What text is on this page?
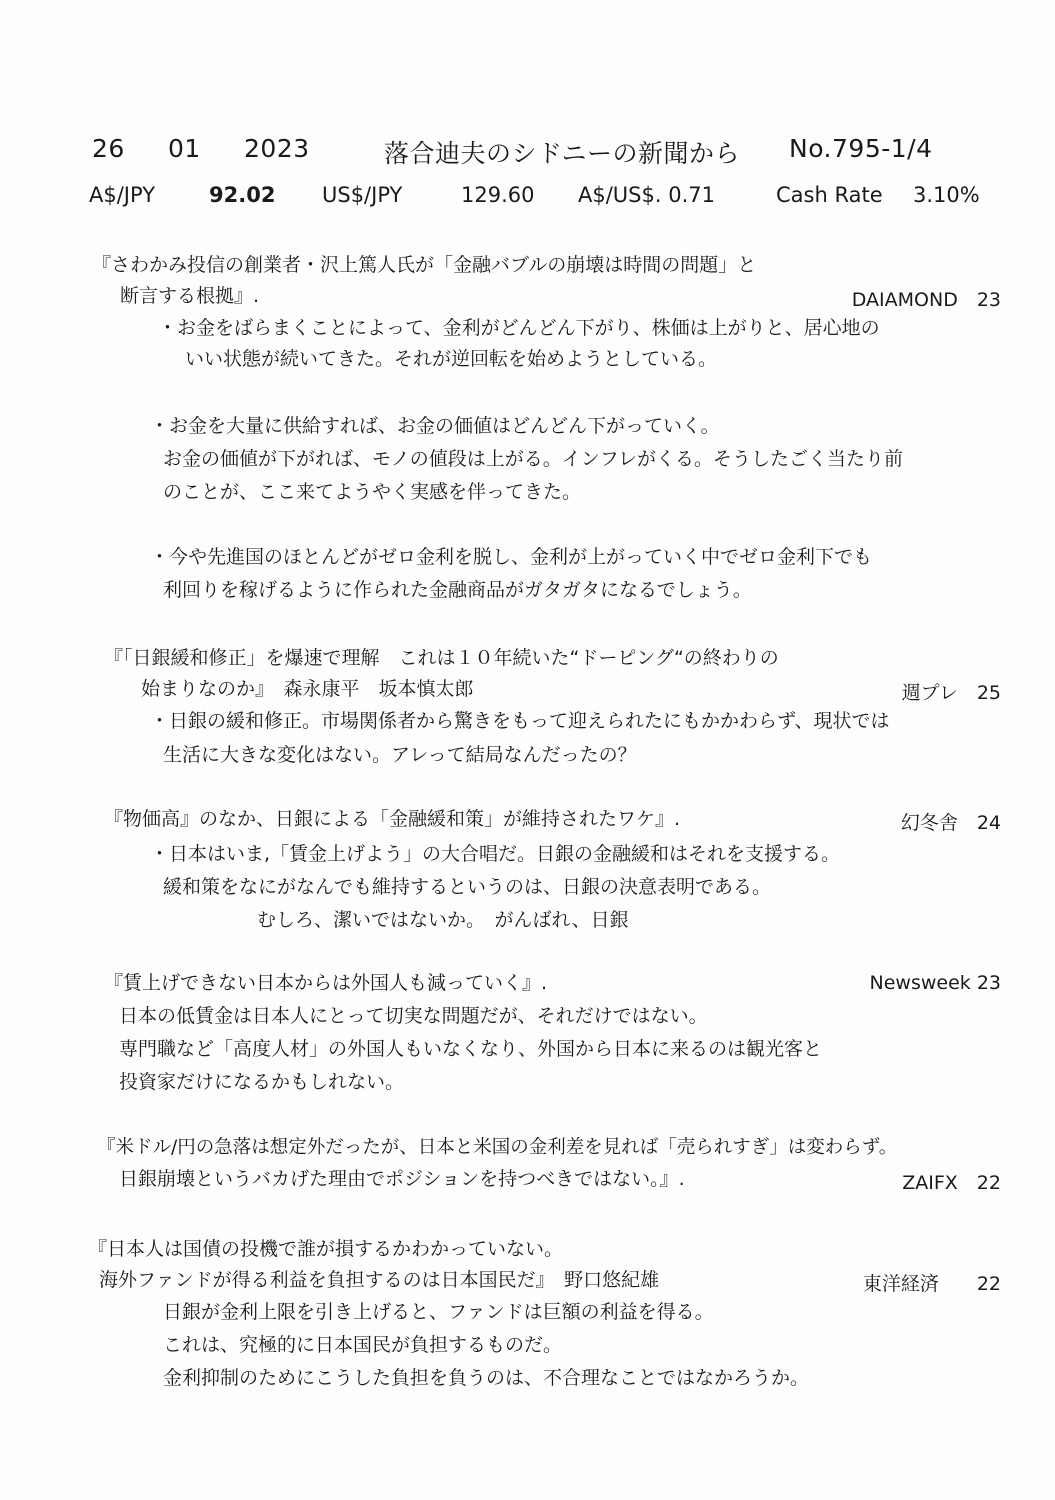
26 01 2023	落合迪夫のシドニーの新聞から No.795-1/4
A$/JPY	92.02 US$/JPY	129.60 A$/US$. 0.71	Cash Rate 3.10%
『さわかみ投信の創業者・沢上篤人氏が「金融バブルの崩壊は時間の問題」と
断言する根拠』.	DAIAMOND　23
・お金をばらまくことによって、金利がどんどん下がり、株価は上がりと、居心地の
いい状態が続いてきた。それが逆回転を始めようとしている。
・お金を大量に供給すれば、お金の価値はどんどん下がっていく。
お金の価値が下がれば、モノの値段は上がる。インフレがくる。そうしたごく当たり前
のことが、ここ来てようやく実感を伴ってきた。
・今や先進国のほとんどがゼロ金利を脱し、金利が上がっていく中でゼロ金利下でも
利回りを稼げるように作られた金融商品がガタガタになるでしょう。
『「日銀緩和修正」を爆速で理解　これは１０年続いた“ドーピング“の終わりの
始まりなのか』　森永康平　坂本慎太郎	週プレ　25
・日銀の緩和修正。市場関係者から驚きをもって迎えられたにもかかわらず、現状では
生活に大きな変化はない。アレって結局なんだったの？
『物価高』のなか、日銀による「金融緩和策」が維持されたワケ』.	幻冬舎　24
・日本はいま,「賃金上げよう」の大合唱だ。日銀の金融緩和はそれを支援する。
緩和策をなにがなんでも維持するというのは、日銀の決意表明である。
むしろ、潔いではないか。　がんばれ、日銀
『賃上げできない日本からは外国人も減っていく』.	Newsweek 23
日本の低賃金は日本人にとって切実な問題だが、それだけではない。
専門職など「高度人材」の外国人もいなくなり、外国から日本に来るのは観光客と
投資家だけになるかもしれない。
『米ドル/円の急落は想定外だったが、日本と米国の金利差を見れば「売られすぎ」は変わらず。
日銀崩壊というバカげた理由でポジションを持つべきではない。』.	ZAIFX　22
『日本人は国債の投機で誰が損するかわかっていない。
海外ファンドが得る利益を負担するのは日本国民だ』　野口悠紀雄	東洋経済　　22
日銀が金利上限を引き上げると、ファンドは巨額の利益を得る。
これは、究極的に日本国民が負担するものだ。
金利抑制のためにこうした負担を負うのは、不合理なことではなかろうか。
